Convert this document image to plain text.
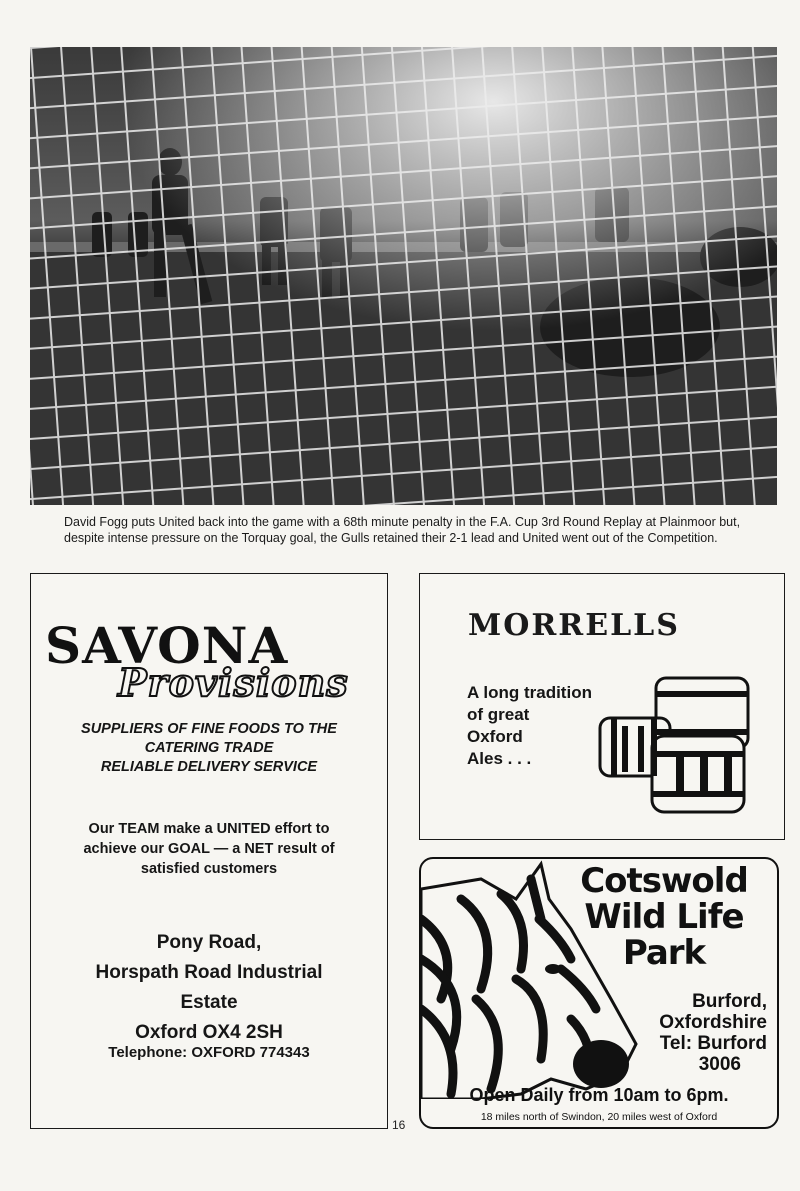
David Fogg puts United back into the game with a 68th minute penalty in the F.A. Cup 3rd Round Replay at Plainmoor but, despite intense pressure on the Torquay goal, the Gulls retained their 2-1 lead and United went out of the Competition.
SAVONA
Provisions
SUPPLIERS OF FINE FOODS TO THE
CATERING TRADE
RELIABLE DELIVERY SERVICE
Our TEAM make a UNITED effort to
achieve our GOAL — a NET result of
satisfied customers
Pony Road,
Horspath Road Industrial
Estate
Oxford OX4 2SH
Telephone: OXFORD 774343
16
MORRELLS
A long tradition
of great
Oxford
Ales . . .
Cotswold
Wild Life
Park
Burford,
Oxfordshire
Tel: Burford
3006
Open Daily from 10am to 6pm.
18 miles north of Swindon, 20 miles west of Oxford
